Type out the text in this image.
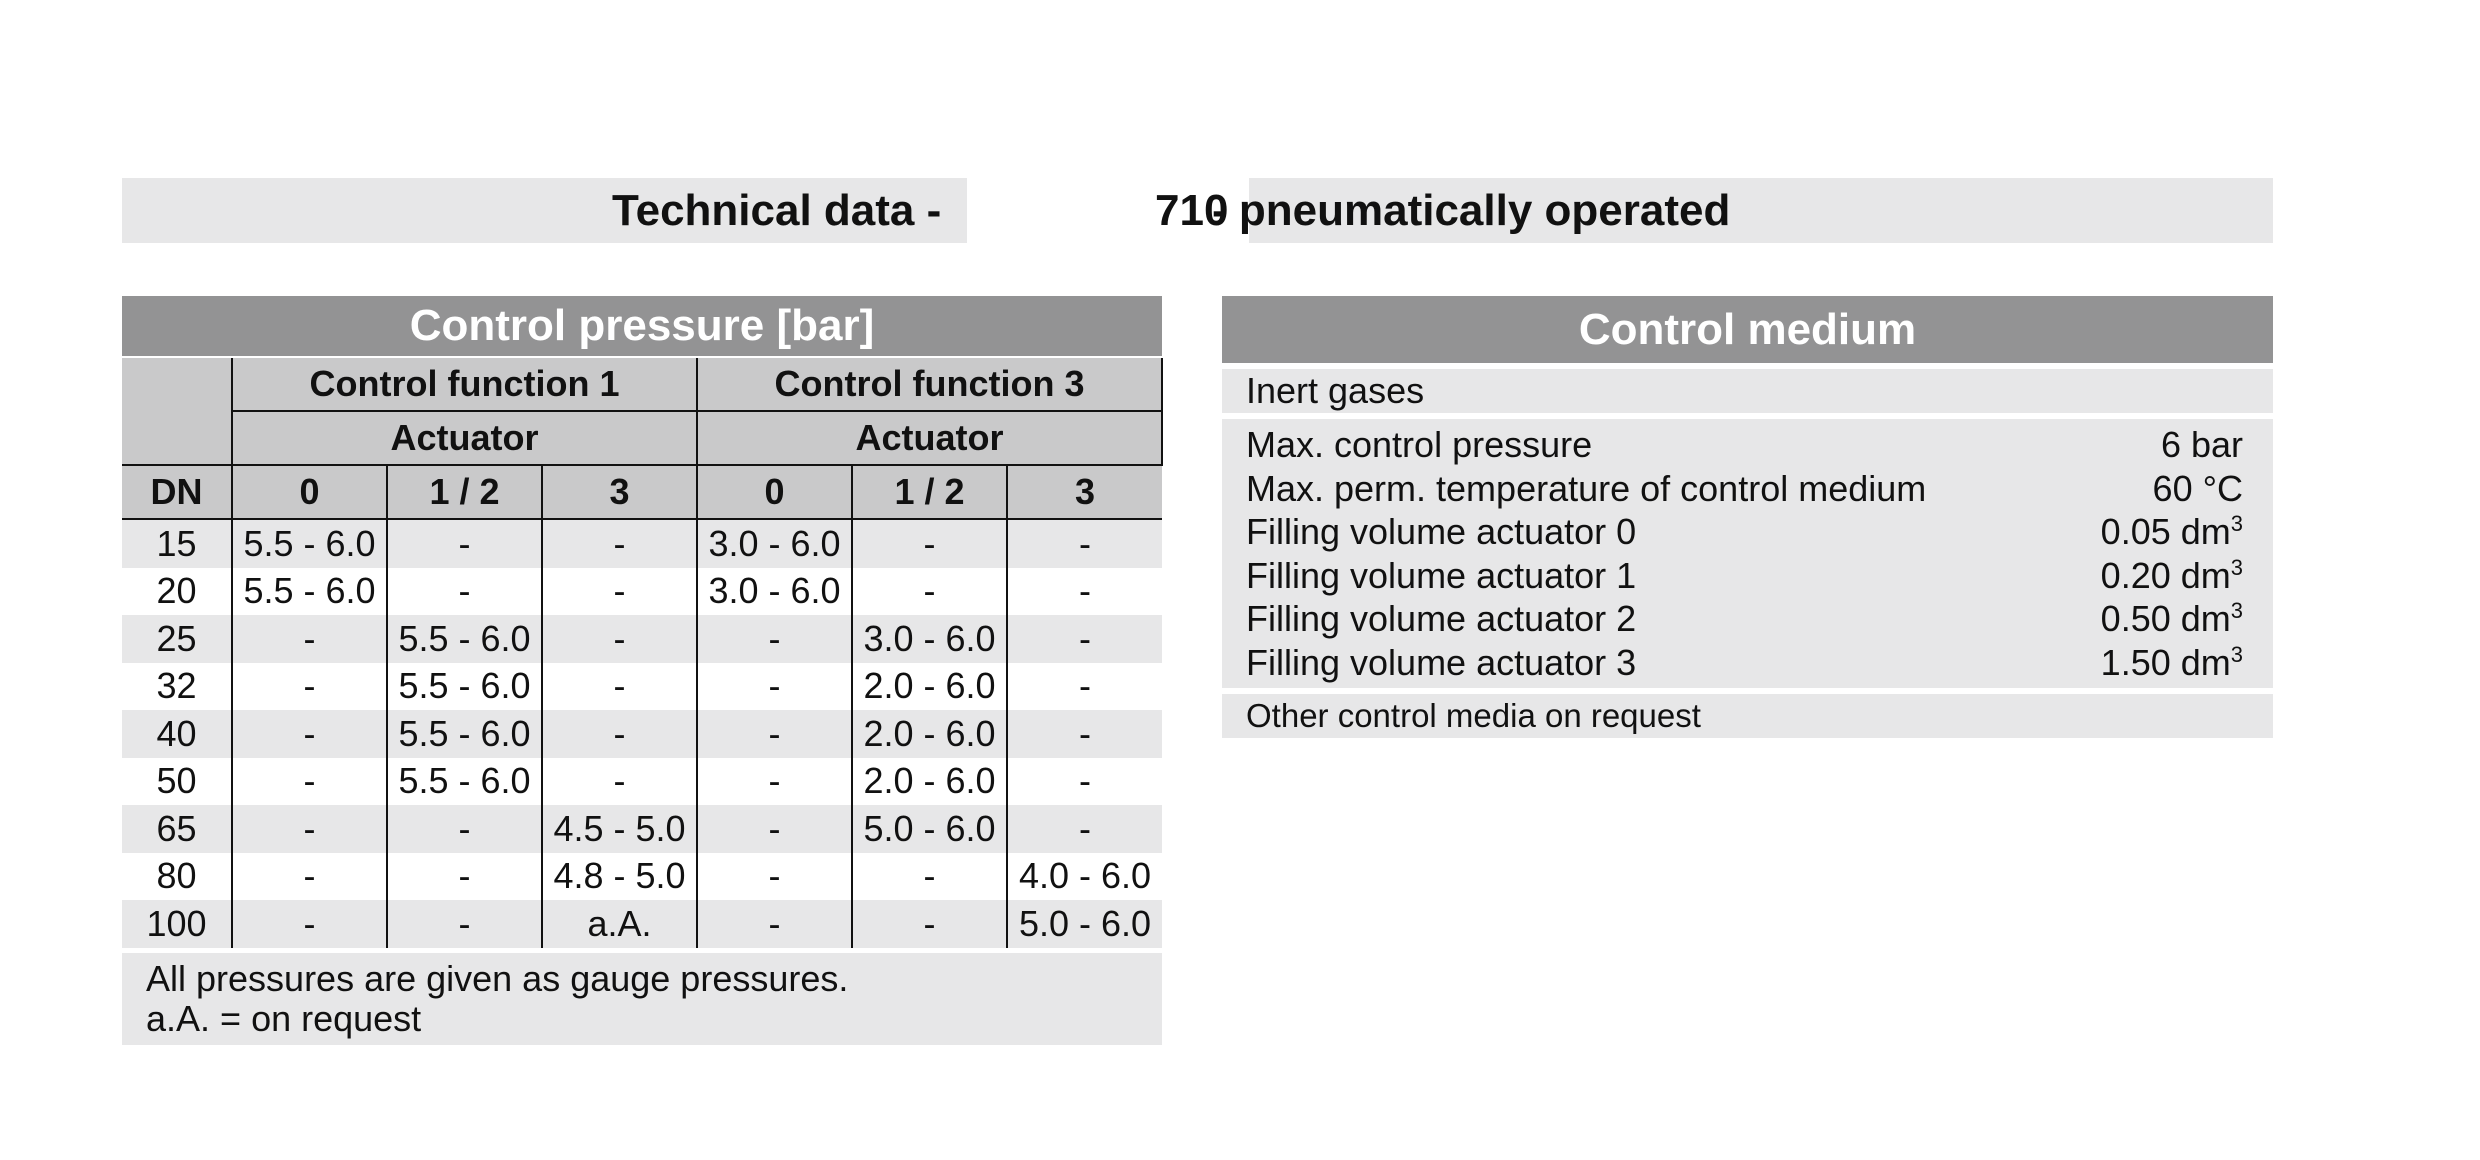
Technical data -	710
- pneumatically operated
Control pressure [bar]						
	Control function 1			Control function 3		
	Actuator			Actuator		
DN	0	1 / 2	3	0	1 / 2	3
15	5.5 - 6.0	-	-	3.0 - 6.0	-	-
20	5.5 - 6.0	-	-	3.0 - 6.0	-	-
25	-	5.5 - 6.0	-	-	3.0 - 6.0	-
32	-	5.5 - 6.0	-	-	2.0 - 6.0	-
40	-	5.5 - 6.0	-	-	2.0 - 6.0	-
50	-	5.5 - 6.0	-	-	2.0 - 6.0	-
65	-	-	4.5 - 5.0	-	5.0 - 6.0	-
80	-	-	4.8 - 5.0	-	-	4.0 - 6.0
100	-	-	a.A.	-	-	5.0 - 6.0

All pressures are given as gauge pressures.
a.A. = on request						
Control medium
Inert gases
Max. control pressure	6 bar
Max. perm. temperature of control medium	60 °C
Filling volume actuator 0	0.05 $dm^3$
Filling volume actuator 1	0.20 $dm^3$
Filling volume actuator 2	0.50 $dm^3$
Filling volume actuator 3	1.50 $dm^3$
Other control media on request
